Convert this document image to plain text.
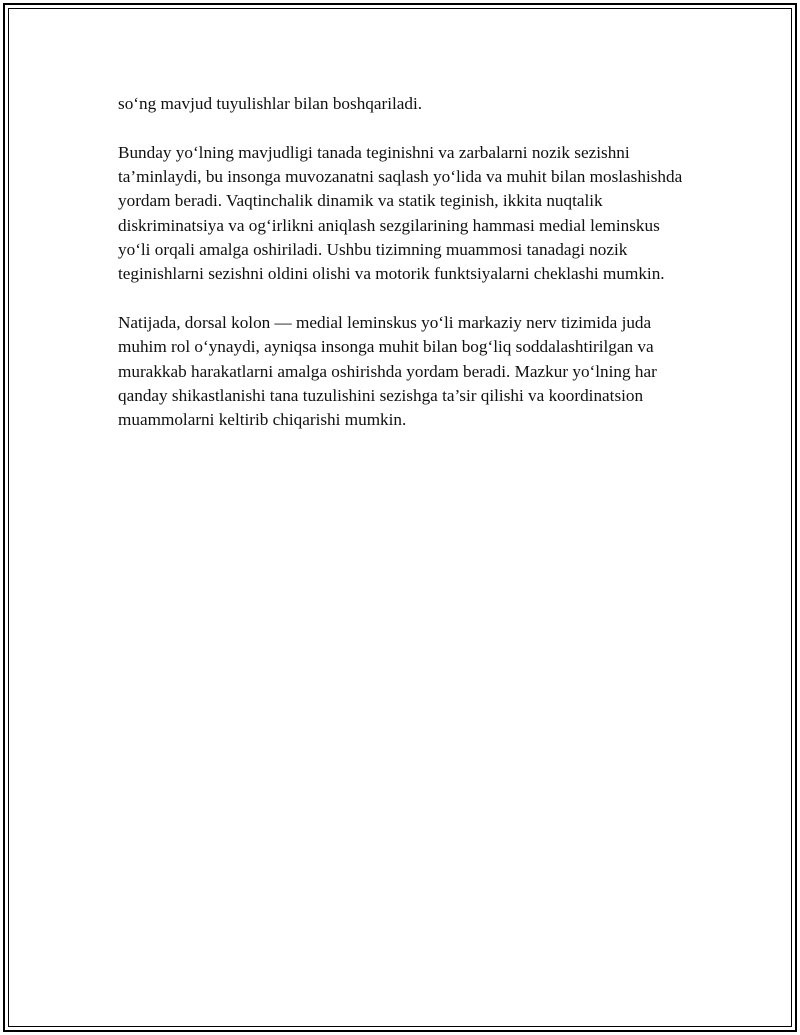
so‘ng mavjud tuyulishlar bilan boshqariladi.

Bunday yo‘lning mavjudligi tanada teginishni va zarbalarni nozik sezishni ta’minlaydi, bu insonga muvozanatni saqlash yo‘lida va muhit bilan moslashishda yordam beradi. Vaqtinchalik dinamik va statik teginish, ikkita nuqtalik diskriminatsiya va og‘irlikni aniqlash sezgilarining hammasi medial leminskus yo‘li orqali amalga oshiriladi. Ushbu tizimning muammosi tanadagi nozik teginishlarni sezishni oldini olishi va motorik funktsiyalarni cheklashi mumkin.

Natijada, dorsal kolon — medial leminskus yo‘li markaziy nerv tizimida juda muhim rol o‘ynaydi, ayniqsa insonga muhit bilan bog‘liq soddalashtirilgan va murakkab harakatlarni amalga oshirishda yordam beradi. Mazkur yo‘lning har qanday shikastlanishi tana tuzulishini sezishga ta’sir qilishi va koordinatsion muammolarni keltirib chiqarishi mumkin.
